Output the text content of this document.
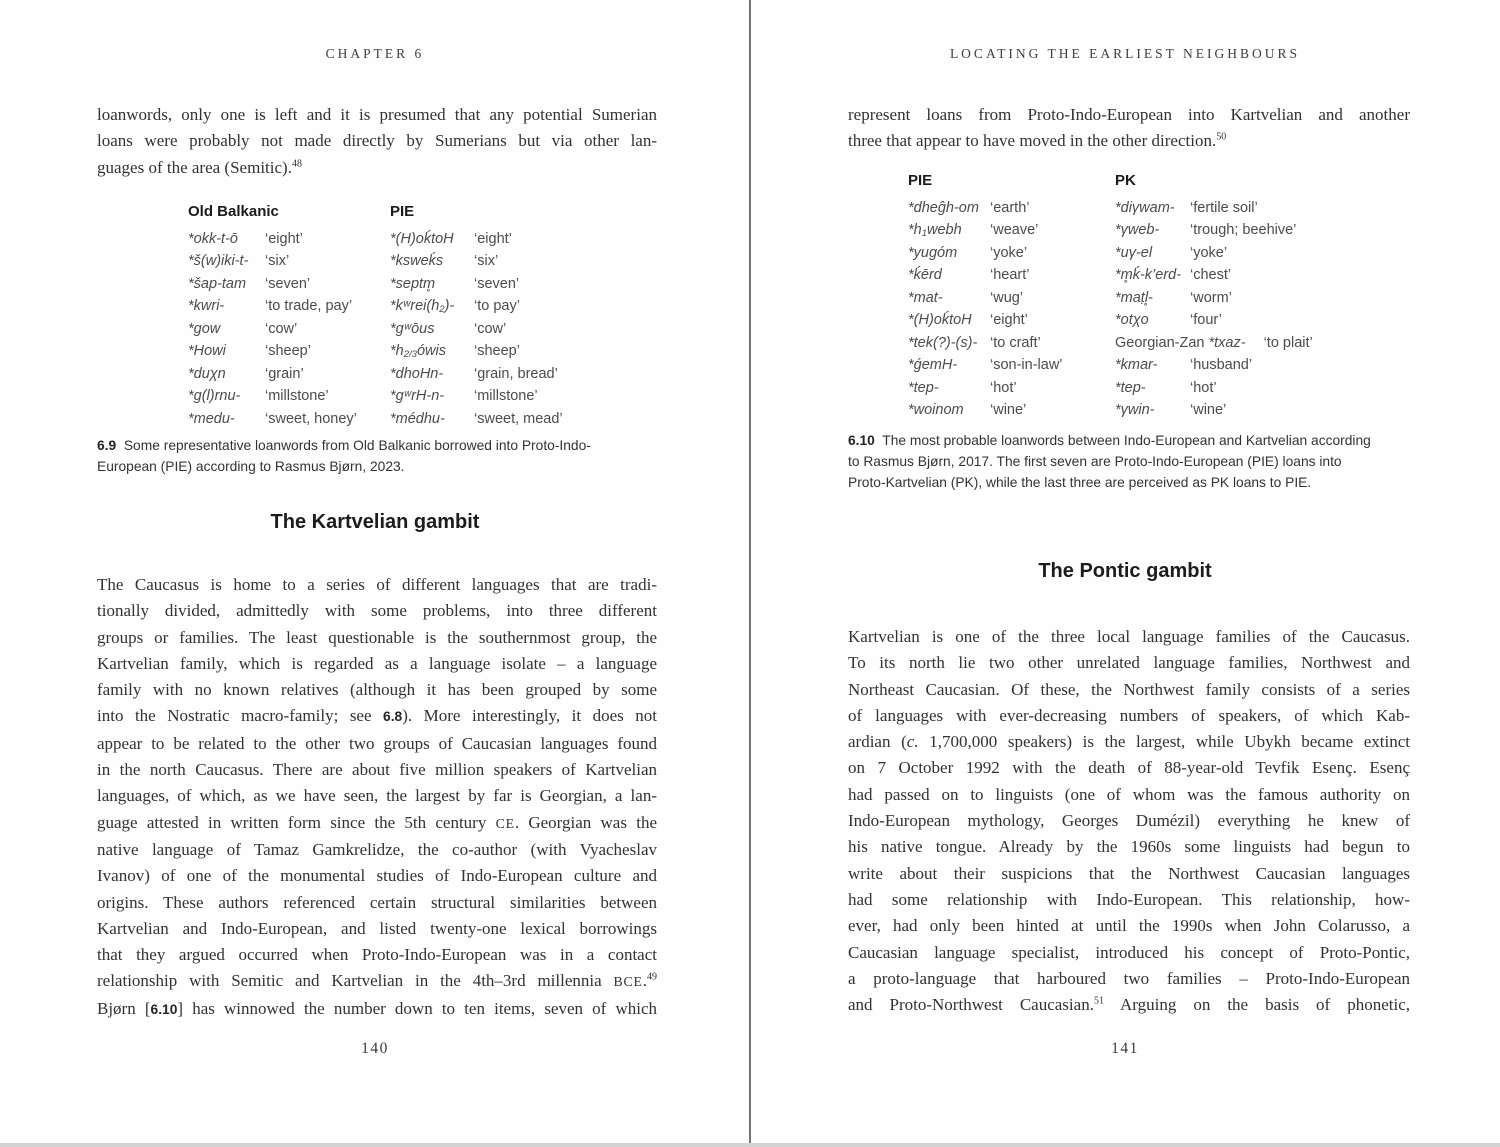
CHAPTER 6
loanwords, only one is left and it is presumed that any potential Sumerian
loans were probably not made directly by Sumerians but via other lan-
guages of the area (Semitic).$^{48}$
Old Balkanic	PIE
*okk-t-ō	‘eight’	*(H)oḱtoH	‘eight’
*š(w)iki-t-	‘six’	*ksweḱs	‘six’
*šap-tam	‘seven’	*septm̥	‘seven’
*kwri-	‘to trade, pay’	$*kʷrei(h_2)-$	‘to pay’
*gow	‘cow’	*gʷōus	‘cow’
*Howi	‘sheep’	$*h_{2/3}ówis$	‘sheep’
*duχn	‘grain’	*dhoHn-	‘grain, bread’
*g(l)rnu-	‘millstone’	*gʷrH-n-	‘millstone’
*medu-	‘sweet, honey’	*médhu-	‘sweet, mead’
6.9  Some representative loanwords from Old Balkanic borrowed into Proto-Indo-
European (PIE) according to Rasmus Bjørn, 2023.
The Kartvelian gambit
The Caucasus is home to a series of different languages that are tradi-
tionally divided, admittedly with some problems, into three different
groups or families. The least questionable is the southernmost group, the
Kartvelian family, which is regarded as a language isolate – a language
family with no known relatives (although it has been grouped by some
into the Nostratic macro-family; see 6.8). More interestingly, it does not
appear to be related to the other two groups of Caucasian languages found
in the north Caucasus. There are about five million speakers of Kartvelian
languages, of which, as we have seen, the largest by far is Georgian, a lan-
guage attested in written form since the 5th century CE. Georgian was the
native language of Tamaz Gamkrelidze, the co-author (with Vyacheslav
Ivanov) of one of the monumental studies of Indo-European culture and
origins. These authors referenced certain structural similarities between
Kartvelian and Indo-European, and listed twenty-one lexical borrowings
that they argued occurred when Proto-Indo-European was in a contact
relationship with Semitic and Kartvelian in the 4th–3rd millennia BCE.$^{49}$
Bjørn [6.10] has winnowed the number down to ten items, seven of which
140
LOCATING THE EARLIEST NEIGHBOURS
represent loans from Proto-Indo-European into Kartvelian and another
three that appear to have moved in the other direction.$^{50}$
PIE	PK
*dheĝh-om ‘earth’	*diγwam-	‘fertile soil’
$*h_1webh$	‘weave’	*γweb-	‘trough; beehive’
*yugóm	‘yoke’	*uγ-el	‘yoke’
*ḱērd	‘heart’	*m̥ḱ-k’erd- ‘chest’
*mat-	‘wug’	*maṭl̥-	‘worm’
*(H)oḱtoH	‘eight’	*otχo	‘four’
*tek(?)-(s)- ‘to craft’	Georgian-Zan *txaz- ‘to plait’
*ǵemH-	‘son-in-law’	*kmar-	‘husband’
*tep-	‘hot’	*tep-	‘hot’
*woinom	‘wine’	*γwin-	‘wine’
6.10  The most probable loanwords between Indo-European and Kartvelian according
to Rasmus Bjørn, 2017. The first seven are Proto-Indo-European (PIE) loans into
Proto-Kartvelian (PK), while the last three are perceived as PK loans to PIE.
The Pontic gambit
Kartvelian is one of the three local language families of the Caucasus.
To its north lie two other unrelated language families, Northwest and
Northeast Caucasian. Of these, the Northwest family consists of a series
of languages with ever-decreasing numbers of speakers, of which Kab-
ardian (c. 1,700,000 speakers) is the largest, while Ubykh became extinct
on 7 October 1992 with the death of 88-year-old Tevfik Esenç. Esenç
had passed on to linguists (one of whom was the famous authority on
Indo-European mythology, Georges Dumézil) everything he knew of
his native tongue. Already by the 1960s some linguists had begun to
write about their suspicions that the Northwest Caucasian languages
had some relationship with Indo-European. This relationship, how-
ever, had only been hinted at until the 1990s when John Colarusso, a
Caucasian language specialist, introduced his concept of Proto-Pontic,
a proto-language that harboured two families – Proto-Indo-European
and Proto-Northwest Caucasian.$^{51}$ Arguing on the basis of phonetic,
141
